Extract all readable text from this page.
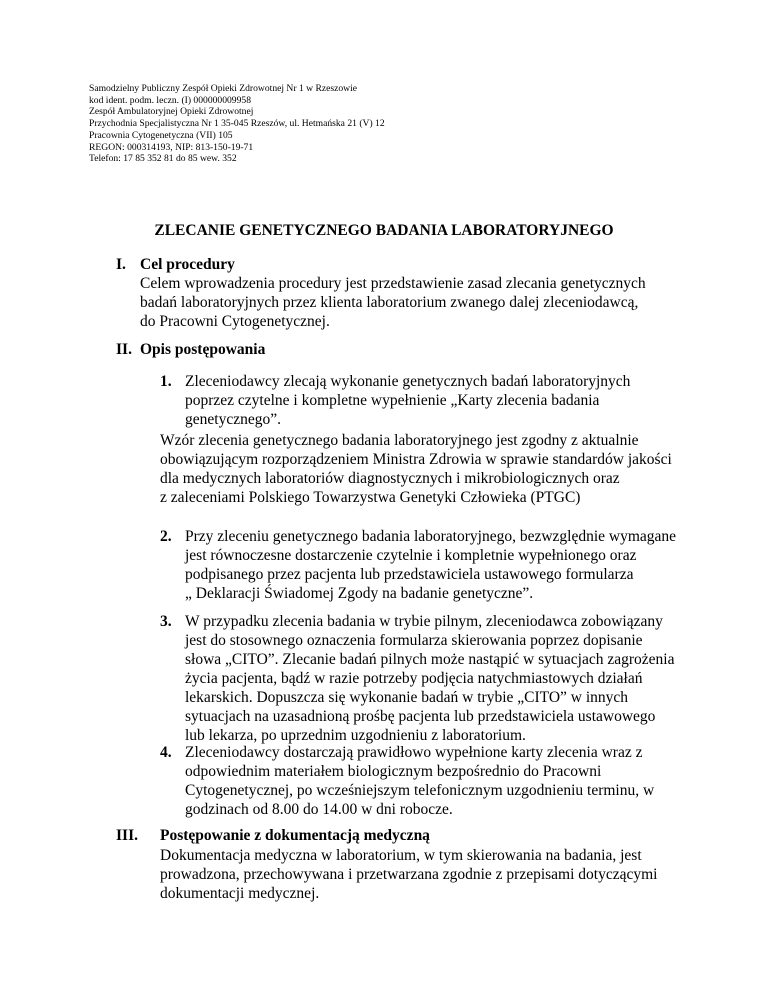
Samodzielny Publiczny Zespół Opieki Zdrowotnej Nr 1 w Rzeszowie
kod ident. podm. leczn. (I) 000000009958
Zespół Ambulatoryjnej Opieki Zdrowotnej
Przychodnia Specjalistyczna Nr 1 35-045 Rzeszów, ul. Hetmańska 21 (V) 12
Pracownia Cytogenetyczna (VII) 105
REGON: 000314193, NIP: 813-150-19-71
Telefon: 17 85 352 81 do 85 wew. 352
ZLECANIE GENETYCZNEGO BADANIA LABORATORYJNEGO
I. Cel procedury
Celem wprowadzenia procedury jest przedstawienie zasad zlecania genetycznych
badań laboratoryjnych przez klienta laboratorium zwanego dalej zleceniodawcą,
do Pracowni Cytogenetycznej.
II. Opis postępowania
1. Zleceniodawcy zlecają wykonanie genetycznych badań laboratoryjnych
poprzez czytelne i kompletne wypełnienie „Karty zlecenia badania
genetycznego”.
Wzór zlecenia genetycznego badania laboratoryjnego jest zgodny z aktualnie
obowiązującym rozporządzeniem Ministra Zdrowia w sprawie standardów jakości
dla medycznych laboratoriów diagnostycznych i mikrobiologicznych oraz
z zaleceniami Polskiego Towarzystwa Genetyki Człowieka (PTGC)
2. Przy zleceniu genetycznego badania laboratoryjnego, bezwzględnie wymagane
jest równoczesne dostarczenie czytelnie i kompletnie wypełnionego oraz
podpisanego przez pacjenta lub przedstawiciela ustawowego formularza
„ Deklaracji Świadomej Zgody na badanie genetyczne”.
3. W przypadku zlecenia badania w trybie pilnym, zleceniodawca zobowiązany
jest do stosownego oznaczenia formularza skierowania poprzez dopisanie
słowa „CITO”. Zlecanie badań pilnych może nastąpić w sytuacjach zagrożenia
życia pacjenta, bądź w razie potrzeby podjęcia natychmiastowych działań
lekarskich. Dopuszcza się wykonanie badań w trybie „CITO” w innych
sytuacjach na uzasadnioną prośbę pacjenta lub przedstawiciela ustawowego
lub lekarza, po uprzednim uzgodnieniu z laboratorium.
4. Zleceniodawcy dostarczają prawidłowo wypełnione karty zlecenia wraz z
odpowiednim materiałem biologicznym bezpośrednio do Pracowni
Cytogenetycznej, po wcześniejszym telefonicznym uzgodnieniu terminu, w
godzinach od 8.00 do 14.00 w dni robocze.
III. Postępowanie z dokumentacją medyczną
Dokumentacja medyczna w laboratorium, w tym skierowania na badania, jest
prowadzona, przechowywana i przetwarzana zgodnie z przepisami dotyczącymi
dokumentacji medycznej.
